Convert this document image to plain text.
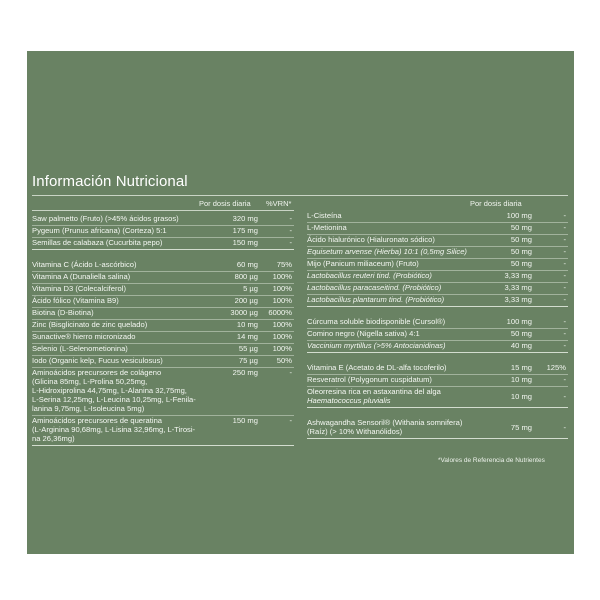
Información Nutricional
Por dosis diaria %VRN*	Por dosis diaria
Saw palmetto (Fruto) (>45% ácidos grasos)	320 mg	-
Pygeum (Prunus africana) (Corteza) 5:1	175 mg	-
Semillas de calabaza (Cucurbita pepo)	150 mg	-
Vitamina C (Ácido L-ascórbico)	60 mg 75%
Vitamina A (Dunaliella salina)	800 µg 100%
Vitamina D3 (Colecalciferol)	5 µg 100%
Ácido fólico (Vitamina B9)	200 µg 100%
Biotina (D-Biotina)	3000 µg 6000%
Zinc (Bisglicinato de zinc quelado)	10 mg 100%
Sunactive® hierro micronizado	14 mg 100%
Selenio (L-Selenometionina)	55 µg 100%
Iodo (Organic kelp, Fucus vesiculosus)	75 µg 50%
Aminoácidos precursores de colágeno
(Glicina 85mg, L-Prolina 50,25mg,
L-Hidroxiprolina 44,75mg, L-Alanina 32,75mg,
L-Serina 12,25mg, L-Leucina 10,25mg, L-Fenila-
lanina 9,75mg, L-Isoleucina 5mg)
250 mg	-
Aminoácidos precursores de queratina
(L-Arginina 90,68mg, L-Lisina 32,96mg, L-Tirosi-
na 26,36mg)
150 mg	-
L-Cisteína	100 mg	-
L-Metionina	50 mg	-
Ácido hialurónico (Hialuronato sódico)	50 mg	-
Equisetum arvense (Hierba) 10:1 (0,5mg Silice)	50 mg	-
Mijo (Panicum miliaceum) (Fruto)	50 mg	-
Lactobacillus reuteri tind. (Probiótico)	3,33 mg	-
Lactobacillus paracaseitind. (Probiótico)	3,33 mg	-
Lactobacillus plantarum tind. (Probiótico)	3,33 mg	-
Cúrcuma soluble biodisponible (Cursol®)	100 mg	-
Comino negro (Nigella sativa) 4:1	50 mg	-
Vaccinium myrtillus (>5% Antocianidinas)	40 mg	-
Vitamina E (Acetato de DL-alfa tocoferilo)	15 mg 125%
Resveratrol (Polygonum cuspidatum)	10 mg	-
Oleorresina rica en astaxantina del alga
Haematococcus pluvialis	10 mg	-
Ashwagandha Sensoril® (Withania somnifera)
(Raíz) (> 10% Withanólidos)	75 mg	-
*Valores de Referencia de Nutrientes
